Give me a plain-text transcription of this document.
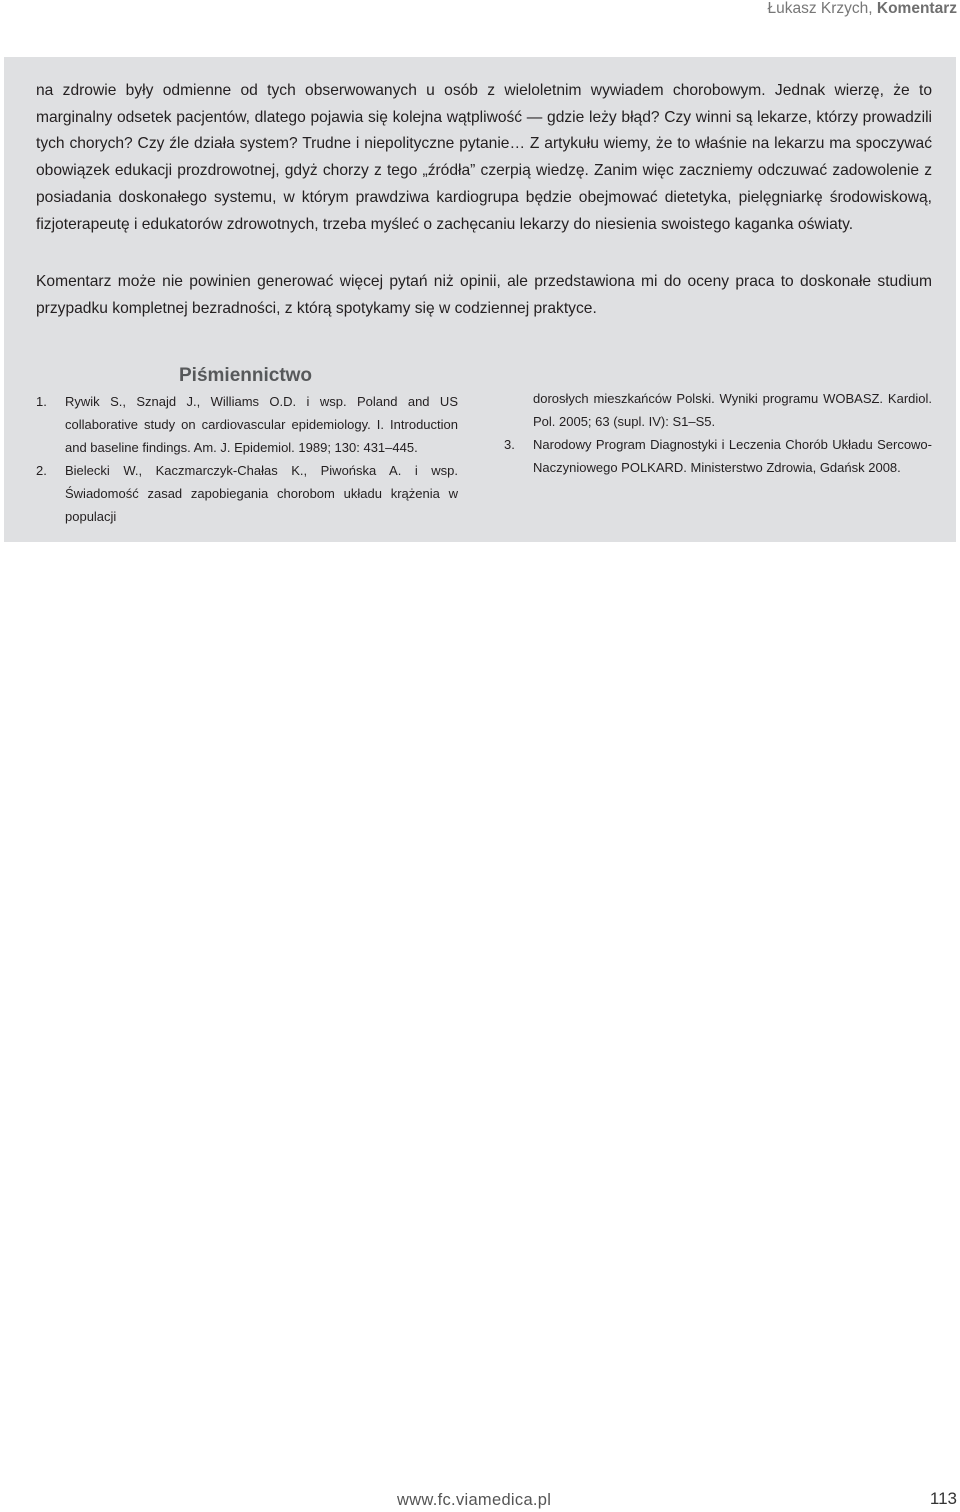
Łukasz Krzych, Komentarz

na zdrowie były odmienne od tych obserwowanych u osób z wieloletnim wywiadem chorobowym. Jednak wierzę, że to marginalny odsetek pacjentów, dlatego pojawia się kolejna wątpliwość — gdzie leży błąd? Czy winni są lekarze, którzy prowadzili tych chorych? Czy źle działa system? Trudne i niepolityczne pytanie… Z artykułu wiemy, że to właśnie na lekarzu ma spoczywać obowiązek edukacji prozdrowotnej, gdyż chorzy z tego „źródła” czerpią wiedzę. Zanim więc zaczniemy odczuwać zadowolenie z posiadania doskonałego systemu, w którym prawdziwa kardiogrupa będzie obejmować dietetyka, pielęgniarkę środowiskową, fizjoterapeutę i edukatorów zdrowotnych, trzeba myśleć o zachęcaniu lekarzy do niesienia swoistego kaganka oświaty.

Komentarz może nie powinien generować więcej pytań niż opinii, ale przedstawiona mi do oceny praca to doskonałe studium przypadku kompletnej bezradności, z którą spotykamy się w codziennej praktyce.

Piśmiennictwo
1. Rywik S., Sznajd J., Williams O.D. i wsp. Poland and US collaborative study on cardiovascular epidemiology. I. Introduction and baseline findings. Am. J. Epidemiol. 1989; 130: 431–445.
2. Bielecki W., Kaczmarczyk-Chałas K., Piwońska A. i wsp. Świadomość zasad zapobiegania chorobom układu krążenia w populacji
dorosłych mieszkańców Polski. Wyniki programu WOBASZ. Kardiol. Pol. 2005; 63 (supl. IV): S1–S5.
3. Narodowy Program Diagnostyki i Leczenia Chorób Układu Sercowo-Naczyniowego POLKARD. Ministerstwo Zdrowia, Gdańsk 2008.
www.fc.viamedica.pl	113
